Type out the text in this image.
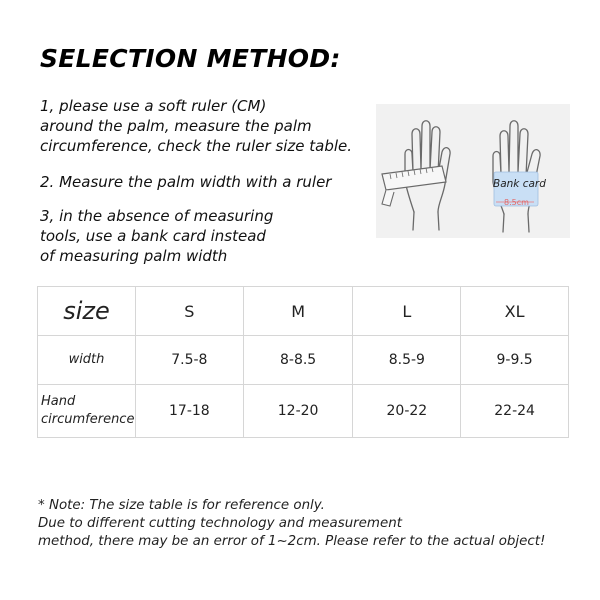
SELECTION METHOD:
1, please use a soft ruler (CM)
around the palm, measure the palm
circumference, check the ruler size table.
2. Measure the palm width with a ruler
3, in the absence of measuring
tools, use a bank card instead
of measuring palm width
Bank card
8.5cm
size	S	M	L	XL
width	7.5-8	8-8.5	8.5-9	9-9.5
Hand
circumference	17-18	12-20	20-22	22-24
* Note: The size table is for reference only.
Due to different cutting technology and measurement
method, there may be an error of 1~2cm. Please refer to the actual object!
